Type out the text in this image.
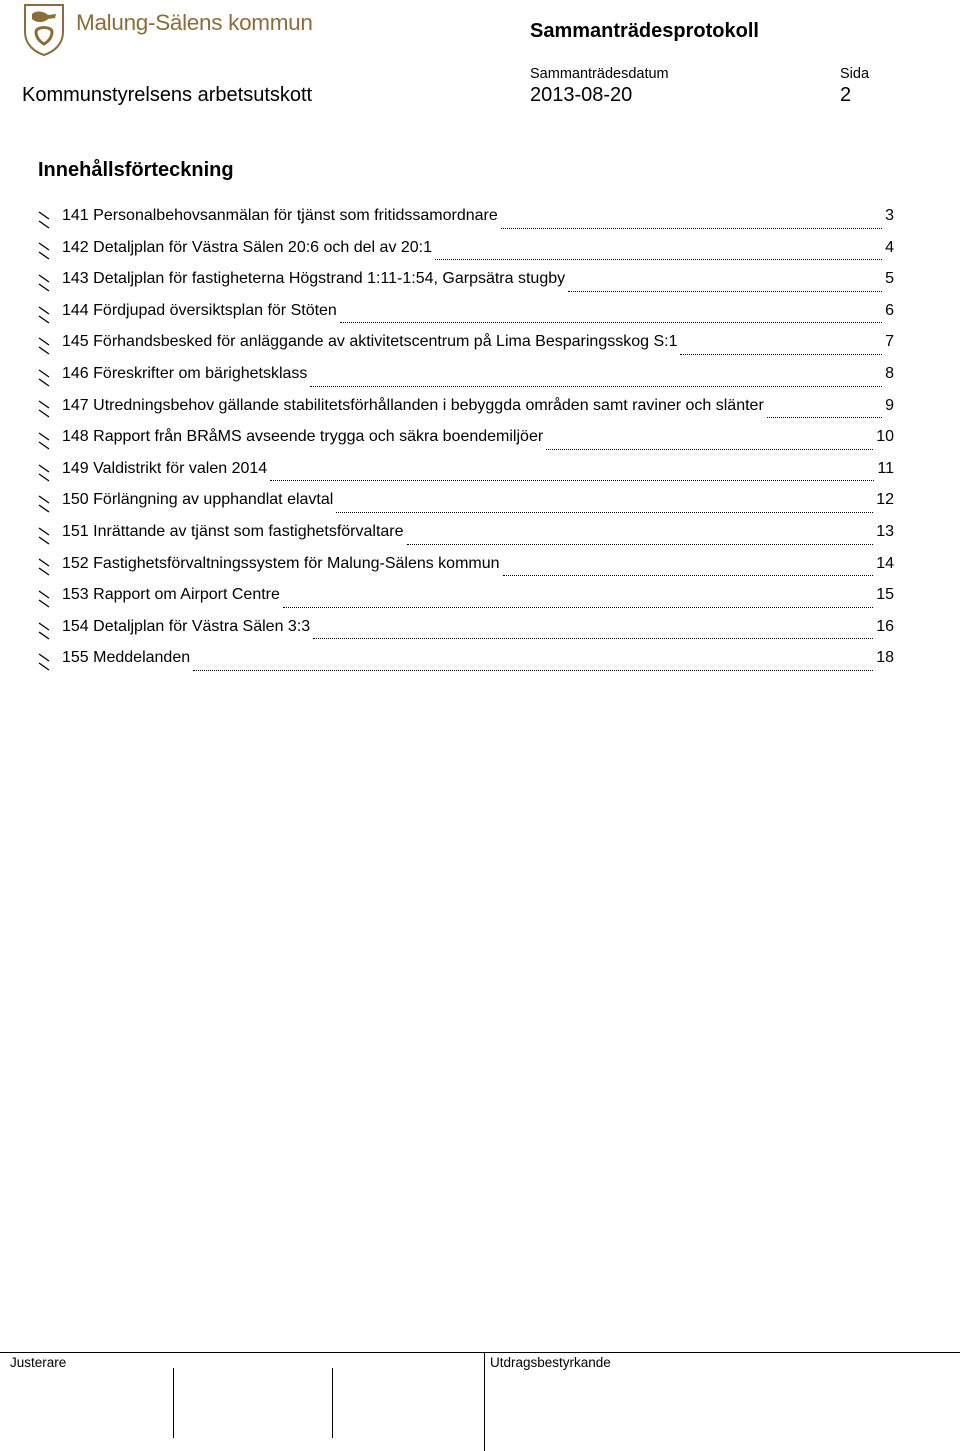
Malung-Sälens kommun	Sammanträdesprotokoll
Sammanträdesdatum	Sida
Kommunstyrelsens arbetsutskott	2013-08-20	2
Innehållsförteckning
141 Personalbehovsanmälan för tjänst som fritidssamordnare	3
142 Detaljplan för Västra Sälen 20:6 och del av 20:1	4
143 Detaljplan för fastigheterna Högstrand 1:11-1:54, Garpsätra stugby	5
144 Fördjupad översiktsplan för Stöten	6
145 Förhandsbesked för anläggande av aktivitetscentrum på Lima Besparingsskog S:1	7
146 Föreskrifter om bärighetsklass	8
147 Utredningsbehov gällande stabilitetsförhållanden i bebyggda områden samt raviner och slänter	9
148 Rapport från BRåMS avseende trygga och säkra boendemiljöer	10
149 Valdistrikt för valen 2014	11
150 Förlängning av upphandlat elavtal	12
151 Inrättande av tjänst som fastighetsförvaltare	13
152 Fastighetsförvaltningssystem för Malung-Sälens kommun	14
153 Rapport om Airport Centre	15
154 Detaljplan för Västra Sälen 3:3	16
155 Meddelanden	18
Justerare	Utdragsbestyrkande
